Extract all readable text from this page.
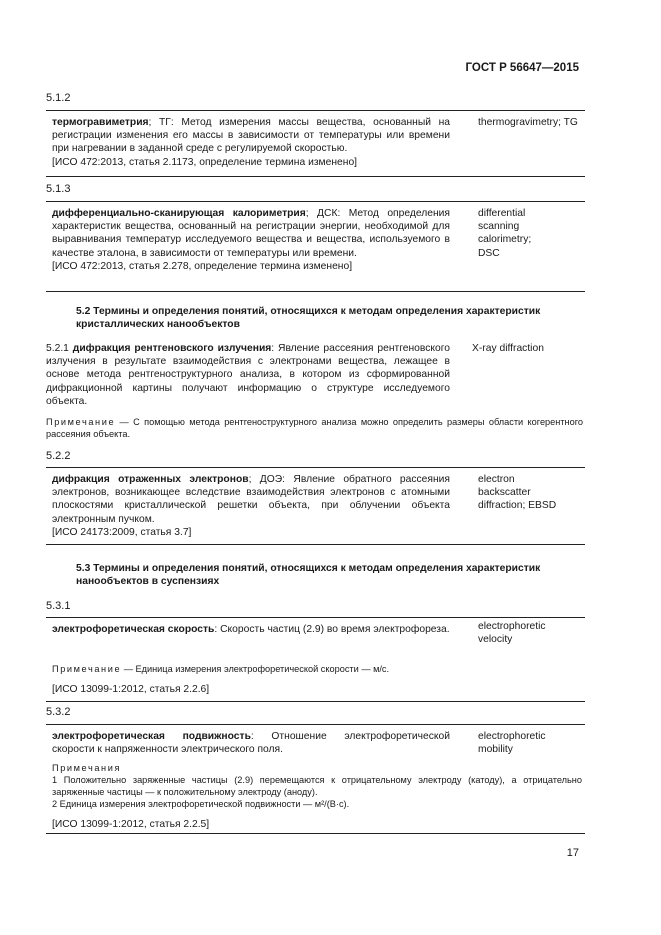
ГОСТ Р 56647—2015
5.1.2
термогравиметрия; ТГ: Метод измерения массы вещества, основанный на регистрации изменения его массы в зависимости от температуры или времени при нагревании в заданной среде с регулируемой скоростью.
[ИСО 472:2013, статья 2.1173, определение термина изменено]
thermogravimetry; TG
5.1.3
дифференциально-сканирующая калориметрия; ДСК: Метод определения характеристик вещества, основанный на регистрации энергии, необходимой для выравнивания температур исследуемого вещества и вещества, используемого в качестве эталона, в зависимости от температуры или времени.
[ИСО 472:2013, статья 2.278, определение термина изменено]
differential scanning calorimetry; DSC
5.2 Термины и определения понятий, относящихся к методам определения характеристик кристаллических нанообъектов
5.2.1 дифракция рентгеновского излучения: Явление рассеяния рентгеновского излучения в результате взаимодействия с электронами вещества, лежащее в основе метода рентгеноструктурного анализа, в котором из сформированной дифракционной картины получают информацию о структуре исследуемого объекта.
X-ray diffraction
Примечание — С помощью метода рентгеноструктурного анализа можно определить размеры области когерентного рассеяния объекта.
5.2.2
дифракция отраженных электронов; ДОЭ: Явление обратного рассеяния электронов, возникающее вследствие взаимодействия электронов с атомными плоскостями кристаллической решетки объекта, при облучении объекта электронным пучком.
[ИСО 24173:2009, статья 3.7]
electron backscatter diffraction; EBSD
5.3 Термины и определения понятий, относящихся к методам определения характеристик нанообъектов в суспензиях
5.3.1
электрофоретическая скорость: Скорость частиц (2.9) во время электрофореза.	electrophoretic velocity
Примечание — Единица измерения электрофоретической скорости — м/с.
[ИСО 13099-1:2012, статья 2.2.6]
5.3.2
электрофоретическая подвижность: Отношение электрофоретической скорости к напряженности электрического поля.
electrophoretic mobility
Примечания
1 Положительно заряженные частицы (2.9) перемещаются к отрицательному электроду (катоду), а отрицательно заряженные частицы — к положительному электроду (аноду).
2 Единица измерения электрофоретической подвижности — м²/(В·с).
[ИСО 13099-1:2012, статья 2.2.5]
17
